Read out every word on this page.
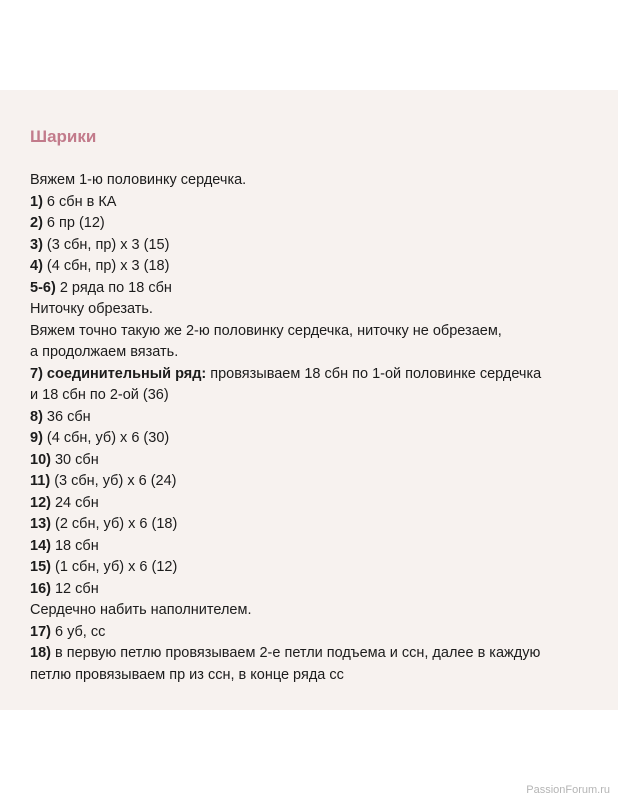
Шарики
Вяжем 1-ю половинку сердечка.
1) 6 сбн в КА
2) 6 пр (12)
3) (3 сбн, пр) х 3 (15)
4) (4 сбн, пр) х 3 (18)
5-6) 2 ряда по 18 сбн
Ниточку обрезать.
Вяжем точно такую же 2-ю половинку сердечка, ниточку не обрезаем,
а продолжаем вязать.
7) соединительный ряд: провязываем 18 сбн по 1-ой половинке сердечка
и 18 сбн по 2-ой (36)
8) 36 сбн
9) (4 сбн, уб) х 6 (30)
10) 30 сбн
11) (3 сбн, уб) х 6 (24)
12) 24 сбн
13) (2 сбн, уб) х 6 (18)
14) 18 сбн
15) (1 сбн, уб) х 6 (12)
16) 12 сбн
Сердечно набить наполнителем.
17) 6 уб, сс
18) в первую петлю провязываем 2-е петли подъема и ссн, далее в каждую
петлю провязываем пр из ссн, в конце ряда сс
PassionForum.ru
